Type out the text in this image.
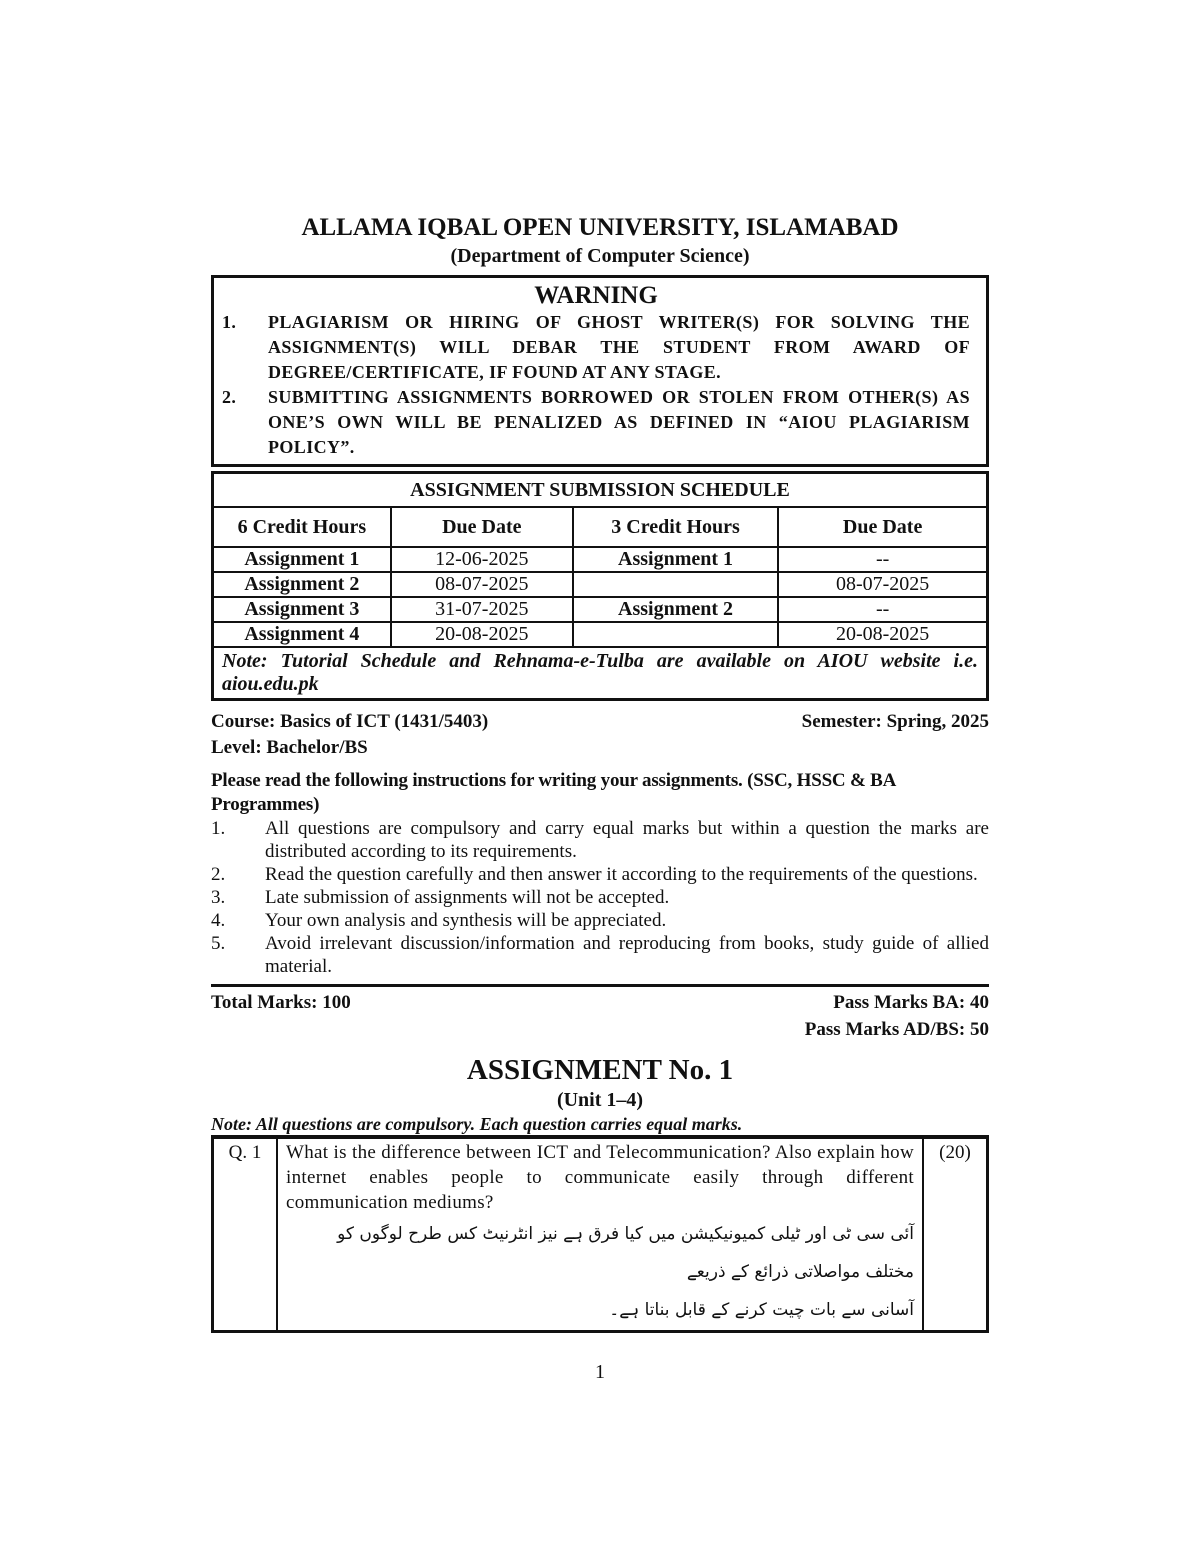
ALLAMA IQBAL OPEN UNIVERSITY, ISLAMABAD
(Department of Computer Science)
WARNING
1.	PLAGIARISM OR HIRING OF GHOST WRITER(S) FOR SOLVING THE ASSIGNMENT(S) WILL DEBAR THE STUDENT FROM AWARD OF DEGREE/CERTIFICATE, IF FOUND AT ANY STAGE.
2.	SUBMITTING ASSIGNMENTS BORROWED OR STOLEN FROM OTHER(S) AS ONE’S OWN WILL BE PENALIZED AS DEFINED IN “AIOU PLAGIARISM POLICY”.
ASSIGNMENT SUBMISSION SCHEDULE			
6 Credit Hours	Due Date	3 Credit Hours	Due Date
Assignment 1	12-06-2025	Assignment 1	--
Assignment 2	08-07-2025		08-07-2025
Assignment 3	31-07-2025	Assignment 2	--
Assignment 4	20-08-2025		20-08-2025
Note: Tutorial Schedule and Rehnama-e-Tulba are available on AIOU website i.e. aiou.edu.pk			
Course: Basics of ICT (1431/5403)	Semester: Spring, 2025
Level: Bachelor/BS
Please read the following instructions for writing your assignments. (SSC, HSSC & BA Programmes)
1.	All questions are compulsory and carry equal marks but within a question the marks are distributed according to its requirements.
2.	Read the question carefully and then answer it according to the requirements of the questions.
3.	Late submission of assignments will not be accepted.
4.	Your own analysis and synthesis will be appreciated.
5.	Avoid irrelevant discussion/information and reproducing from books, study guide of allied material.
Total Marks: 100	Pass Marks BA: 40
Pass Marks AD/BS: 50
ASSIGNMENT No. 1
(Unit 1–4)
Note: All questions are compulsory. Each question carries equal marks.
Q. 1	What is the difference between ICT and Telecommunication? Also explain how internet enables people to communicate easily through different communication mediums?
آئی سی ٹی اور ٹیلی کمیونیکیشن میں کیا فرق ہے نیز انٹرنیٹ کس طرح لوگوں کو مختلف مواصلاتی ذرائع کے ذریعے
آسانی سے بات چیت کرنے کے قابل بناتا ہے۔
	(20)
1
